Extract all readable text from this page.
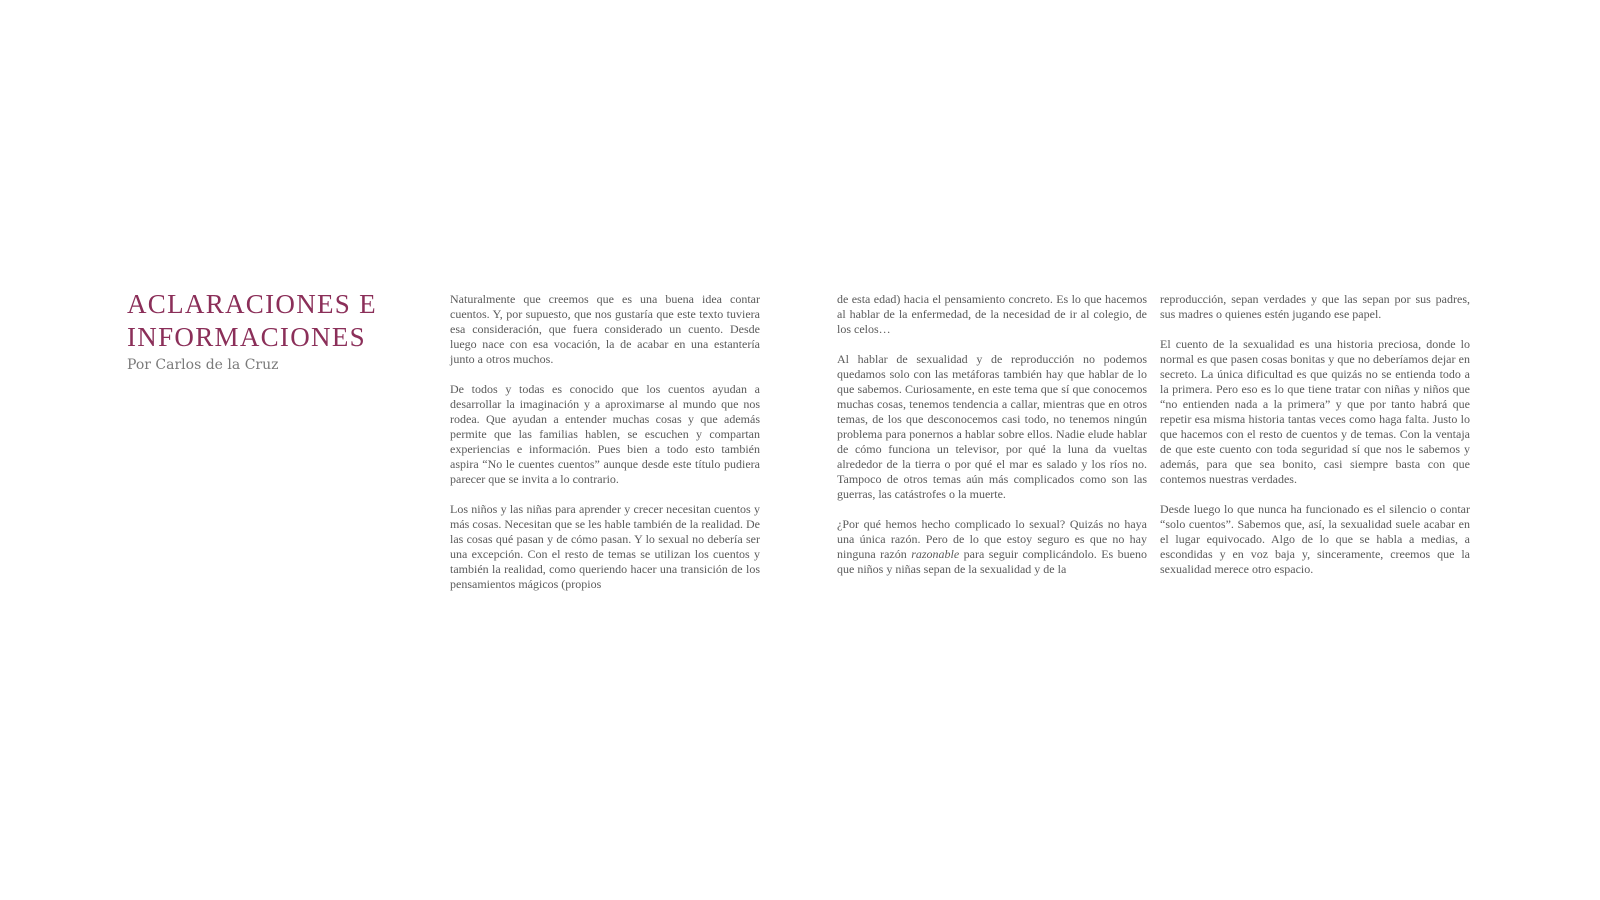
ACLARACIONES E
INFORMACIONES
Por Carlos de la Cruz

Naturalmente que creemos que es una buena idea contar cuentos. Y, por supuesto, que nos gustaría que este texto tuviera esa consideración, que fuera considerado un cuento. Desde luego nace con esa vocación, la de acabar en una estantería junto a otros muchos.

De todos y todas es conocido que los cuentos ayudan a desarrollar la imaginación y a aproximarse al mundo que nos rodea. Que ayudan a entender muchas cosas y que además permite que las familias hablen, se escuchen y compartan experiencias e información. Pues bien a todo esto también aspira “No le cuentes cuentos” aunque desde este título pudiera parecer que se invita a lo contrario.

Los niños y las niñas para aprender y crecer necesitan cuentos y más cosas. Necesitan que se les hable también de la realidad. De las cosas qué pasan y de cómo pasan. Y lo sexual no debería ser una excepción. Con el resto de temas se utilizan los cuentos y también la realidad, como queriendo hacer una transición de los pensamientos mágicos (propios

de esta edad) hacia el pensamiento concreto. Es lo que hacemos al hablar de la enfermedad, de la necesidad de ir al colegio, de los celos…

Al hablar de sexualidad y de reproducción no podemos quedamos solo con las metáforas también hay que hablar de lo que sabemos. Curiosamente, en este tema que sí que conocemos muchas cosas, tenemos tendencia a callar, mientras que en otros temas, de los que desconocemos casi todo, no tenemos ningún problema para ponernos a hablar sobre ellos. Nadie elude hablar de cómo funciona un televisor, por qué la luna da vueltas alrededor de la tierra o por qué el mar es salado y los ríos no. Tampoco de otros temas aún más complicados como son las guerras, las catástrofes o la muerte.

¿Por qué hemos hecho complicado lo sexual? Quizás no haya una única razón. Pero de lo que estoy seguro es que no hay ninguna razón razonable para seguir complicándolo. Es bueno que niños y niñas sepan de la sexualidad y de la

reproducción, sepan verdades y que las sepan por sus padres, sus madres o quienes estén jugando ese papel.

El cuento de la sexualidad es una historia preciosa, donde lo normal es que pasen cosas bonitas y que no deberíamos dejar en secreto. La única dificultad es que quizás no se entienda todo a la primera. Pero eso es lo que tiene tratar con niñas y niños que “no entienden nada a la primera” y que por tanto habrá que repetir esa misma historia tantas veces como haga falta. Justo lo que hacemos con el resto de cuentos y de temas. Con la ventaja de que este cuento con toda seguridad sí que nos le sabemos y además, para que sea bonito, casi siempre basta con que contemos nuestras verdades.

Desde luego lo que nunca ha funcionado es el silencio o contar “solo cuentos”. Sabemos que, así, la sexualidad suele acabar en el lugar equivocado. Algo de lo que se habla a medias, a escondidas y en voz baja y, sinceramente, creemos que la sexualidad merece otro espacio.
